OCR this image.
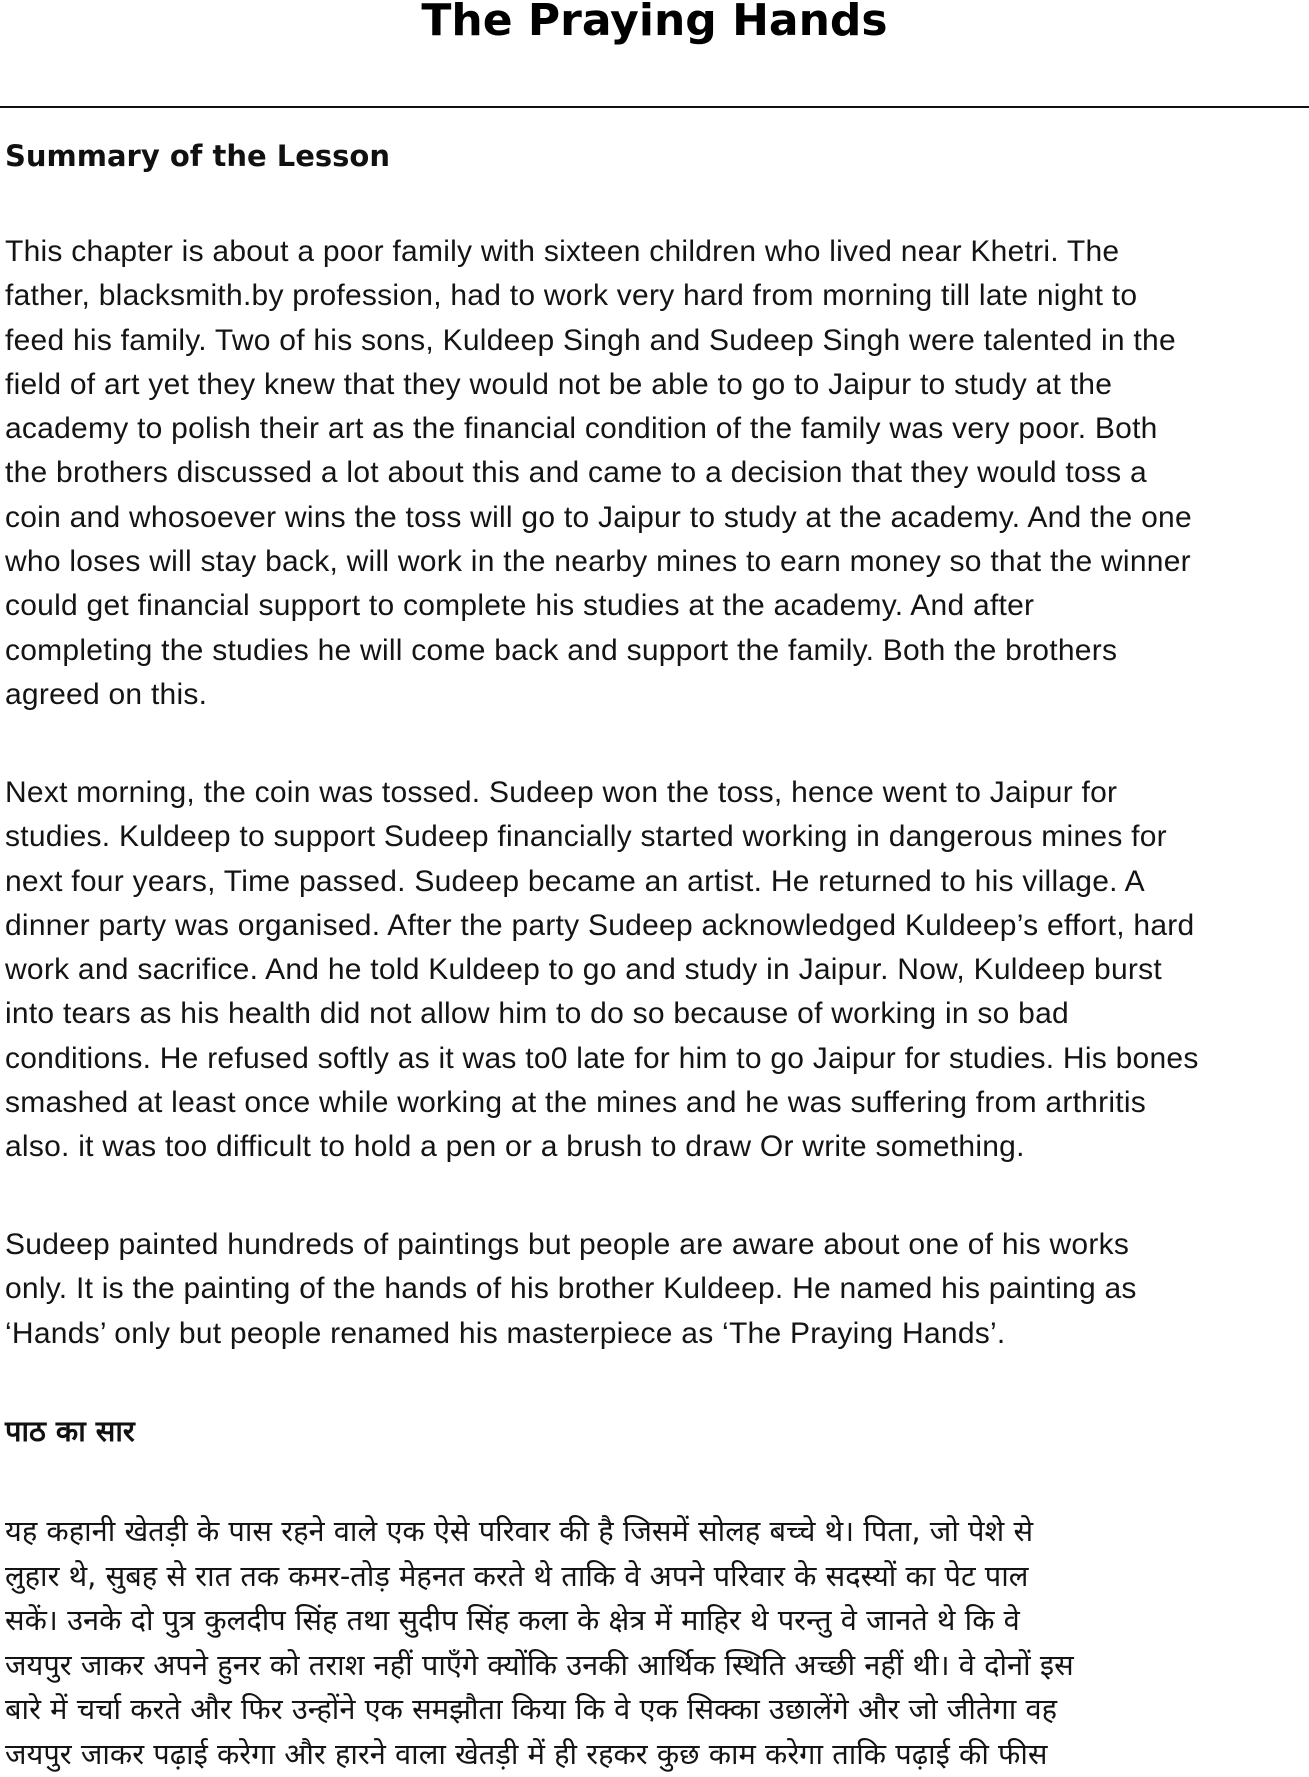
The Praying Hands
Summary of the Lesson

This chapter is about a poor family with sixteen children who lived near Khetri. The
father, blacksmith.by profession, had to work very hard from morning till late night to
feed his family. Two of his sons, Kuldeep Singh and Sudeep Singh were talented in the
field of art yet they knew that they would not be able to go to Jaipur to study at the
academy to polish their art as the financial condition of the family was very poor. Both
the brothers discussed a lot about this and came to a decision that they would toss a
coin and whosoever wins the toss will go to Jaipur to study at the academy. And the one
who loses will stay back, will work in the nearby mines to earn money so that the winner
could get financial support to complete his studies at the academy. And after
completing the studies he will come back and support the family. Both the brothers
agreed on this.

Next morning, the coin was tossed. Sudeep won the toss, hence went to Jaipur for
studies. Kuldeep to support Sudeep financially started working in dangerous mines for
next four years, Time passed. Sudeep became an artist. He returned to his village. A
dinner party was organised. After the party Sudeep acknowledged Kuldeep’s effort, hard
work and sacrifice. And he told Kuldeep to go and study in Jaipur. Now, Kuldeep burst
into tears as his health did not allow him to do so because of working in so bad
conditions. He refused softly as it was to0 late for him to go Jaipur for studies. His bones
smashed at least once while working at the mines and he was suffering from arthritis
also. it was too difficult to hold a pen or a brush to draw Or write something.

Sudeep painted hundreds of paintings but people are aware about one of his works
only. It is the painting of the hands of his brother Kuldeep. He named his painting as
‘Hands’ only but people renamed his masterpiece as ‘The Praying Hands’.

पाठ का सार

यह कहानी खेतड़ी के पास रहने वाले एक ऐसे परिवार की है जिसमें सोलह बच्चे थे। पिता, जो पेशे से
लुहार थे, सुबह से रात तक कमर-तोड़ मेहनत करते थे ताकि वे अपने परिवार के सदस्यों का पेट पाल
सकें। उनके दो पुत्र कुलदीप सिंह तथा सुदीप सिंह कला के क्षेत्र में माहिर थे परन्तु वे जानते थे कि वे
जयपुर जाकर अपने हुनर को तराश नहीं पाएँगे क्योंकि उनकी आर्थिक स्थिति अच्छी नहीं थी। वे दोनों इस
बारे में चर्चा करते और फिर उन्होंने एक समझौता किया कि वे एक सिक्का उछालेंगे और जो जीतेगा वह
जयपुर जाकर पढ़ाई करेगा और हारने वाला खेतड़ी में ही रहकर कुछ काम करेगा ताकि पढ़ाई की फीस
